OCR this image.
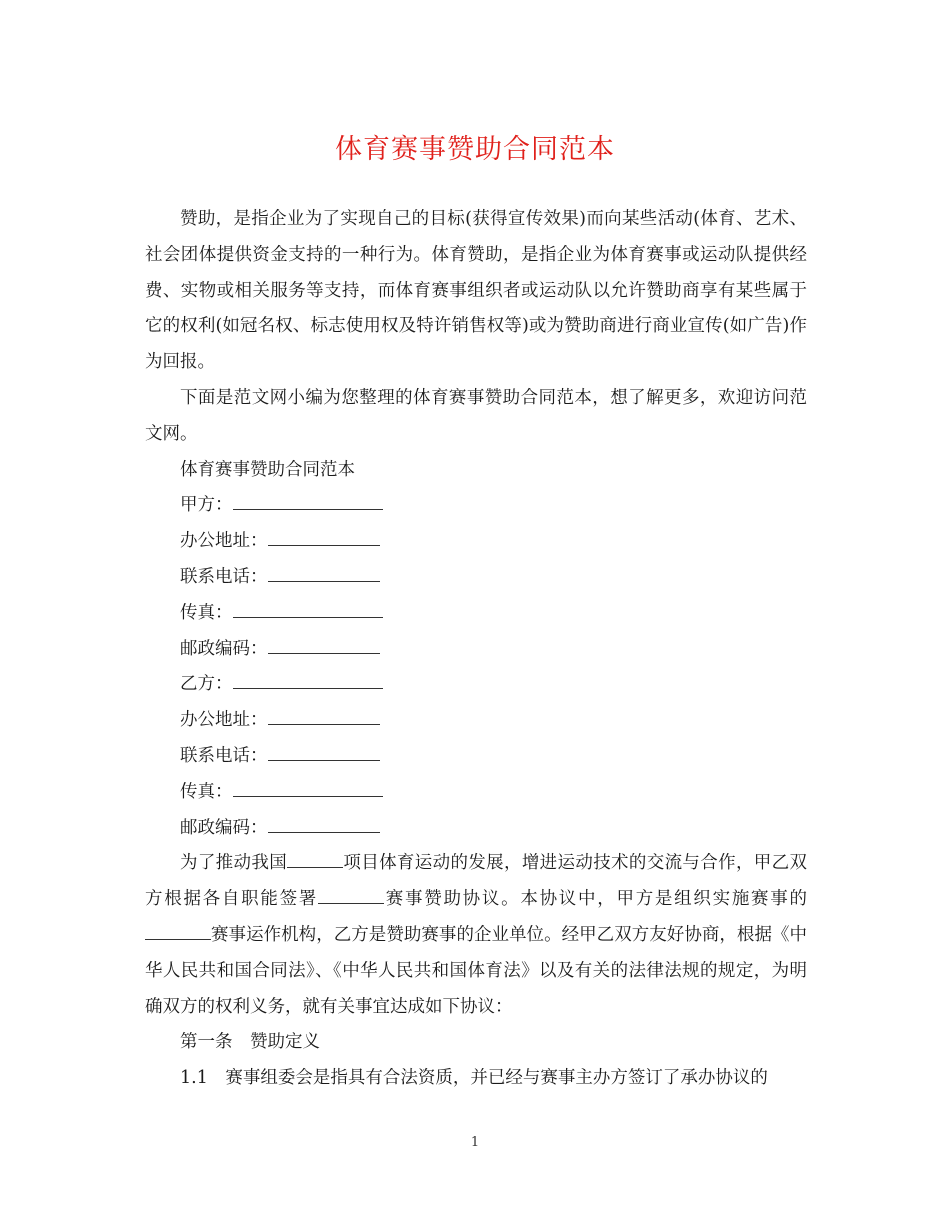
体育赛事赞助合同范本

赞助，是指企业为了实现自己的目标(获得宣传效果)而向某些活动(体育、艺术、社会团体提供资金支持的一种行为。体育赞助，是指企业为体育赛事或运动队提供经费、实物或相关服务等支持，而体育赛事组织者或运动队以允许赞助商享有某些属于它的权利(如冠名权、标志使用权及特许销售权等)或为赞助商进行商业宣传(如广告)作为回报。

下面是范文网小编为您整理的体育赛事赞助合同范本，想了解更多，欢迎访问范文网。

体育赛事赞助合同范本

甲方：

办公地址：

联系电话：

传真：

邮政编码：

乙方：

办公地址：

联系电话：

传真：

邮政编码：

为了推动我国	项目体育运动的发展，增进运动技术的交流与合作，甲乙双方根据各自职能签署	赛事赞助协议。本协议中，甲方是组织实施赛事的赛事运作机构，乙方是赞助赛事的企业单位。经甲乙双方友好协商，根据《中华人民共和国合同法》、《中华人民共和国体育法》以及有关的法律法规的规定，为明确双方的权利义务，就有关事宜达成如下协议：

第一条　赞助定义

1.1　赛事组委会是指具有合法资质，并已经与赛事主办方签订了承办协议的

1
